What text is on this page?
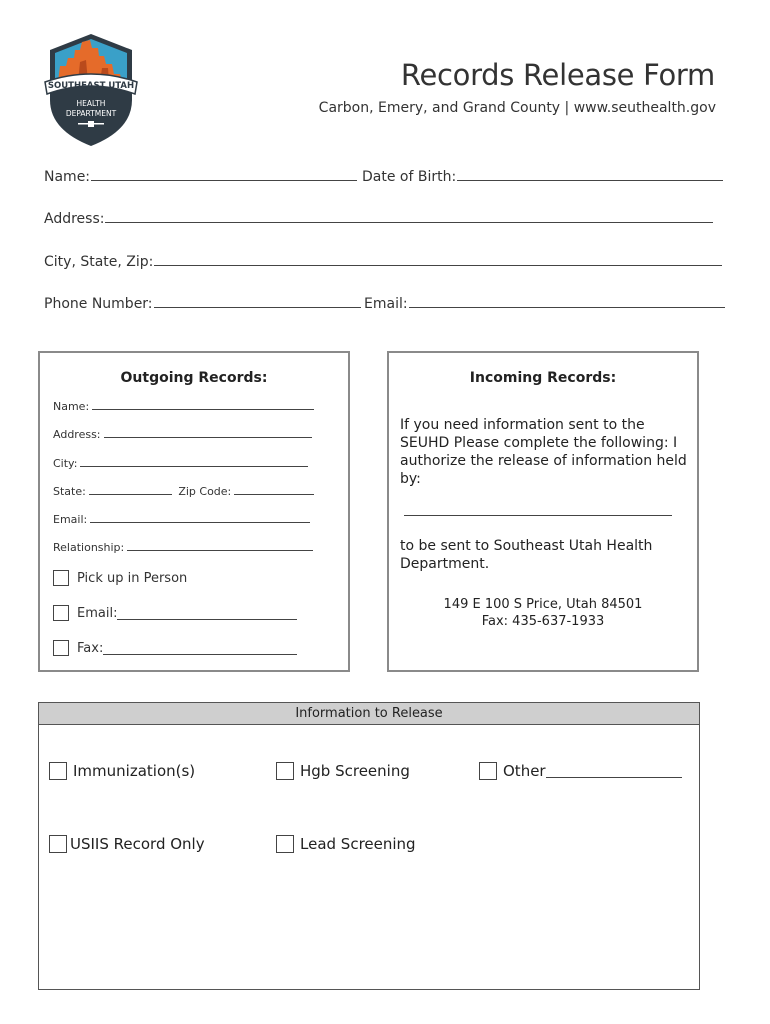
SOUTHEAST UTAH
HEALTH
DEPARTMENT
Records Release Form
Carbon, Emery, and Grand County | www.seuthealth.gov
Name:	Date of Birth:
Address:
City, State, Zip:
Phone Number:	Email:
Outgoing Records:
Name:
Address:
City:
State:	Zip Code:
Email:
Relationship:
Pick up in Person
Email:
Fax:
Incoming Records:
If you need information sent to the SEUHD Please complete the following: I authorize the release of information held by:
to be sent to Southeast Utah Health Department.
149 E 100 S Price, Utah 84501
Fax: 435-637-1933
Information to Release
Immunization(s)	Hgb Screening	Other
USIIS Record Only	Lead Screening
